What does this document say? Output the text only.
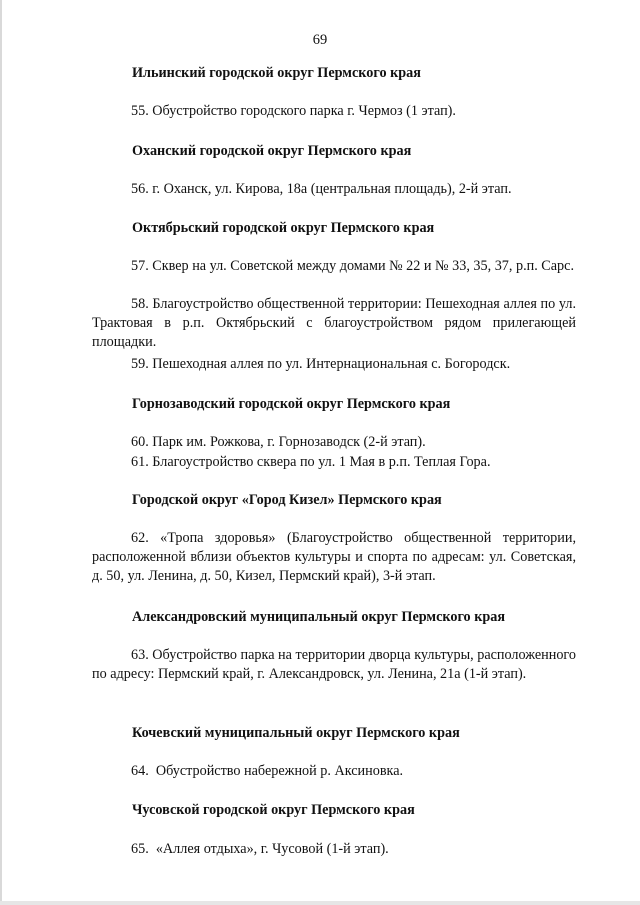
69
Ильинский городской округ Пермского края

55. Обустройство городского парка г. Чермоз (1 этап).

Оханский городской округ Пермского края

56. г. Оханск, ул. Кирова, 18а (центральная площадь), 2-й этап.

Октябрьский городской округ Пермского края

57. Сквер на ул. Советской между домами № 22 и № 33, 35, 37, р.п. Сарс.

58. Благоустройство общественной территории: Пешеходная аллея по ул. Трактовая в р.п. Октябрьский с благоустройством рядом прилегающей площадки.

59. Пешеходная аллея по ул. Интернациональная с. Богородск.

Горнозаводский городской округ Пермского края

60. Парк им. Рожкова, г. Горнозаводск (2-й этап).

61. Благоустройство сквера по ул. 1 Мая в р.п. Теплая Гора.

Городской округ «Город Кизел» Пермского края

62. «Тропа здоровья» (Благоустройство общественной территории, расположенной вблизи объектов культуры и спорта по адресам: ул. Советская, д. 50, ул. Ленина, д. 50, Кизел, Пермский край), 3-й этап.

Александровский муниципальный округ Пермского края

63. Обустройство парка на территории дворца культуры, расположенного по адресу: Пермский край, г. Александровск, ул. Ленина, 21а (1-й этап).

Кочевский муниципальный округ Пермского края

64.  Обустройство набережной р. Аксиновка.

Чусовской городской округ Пермского края

65.  «Аллея отдыха», г. Чусовой (1-й этап).
